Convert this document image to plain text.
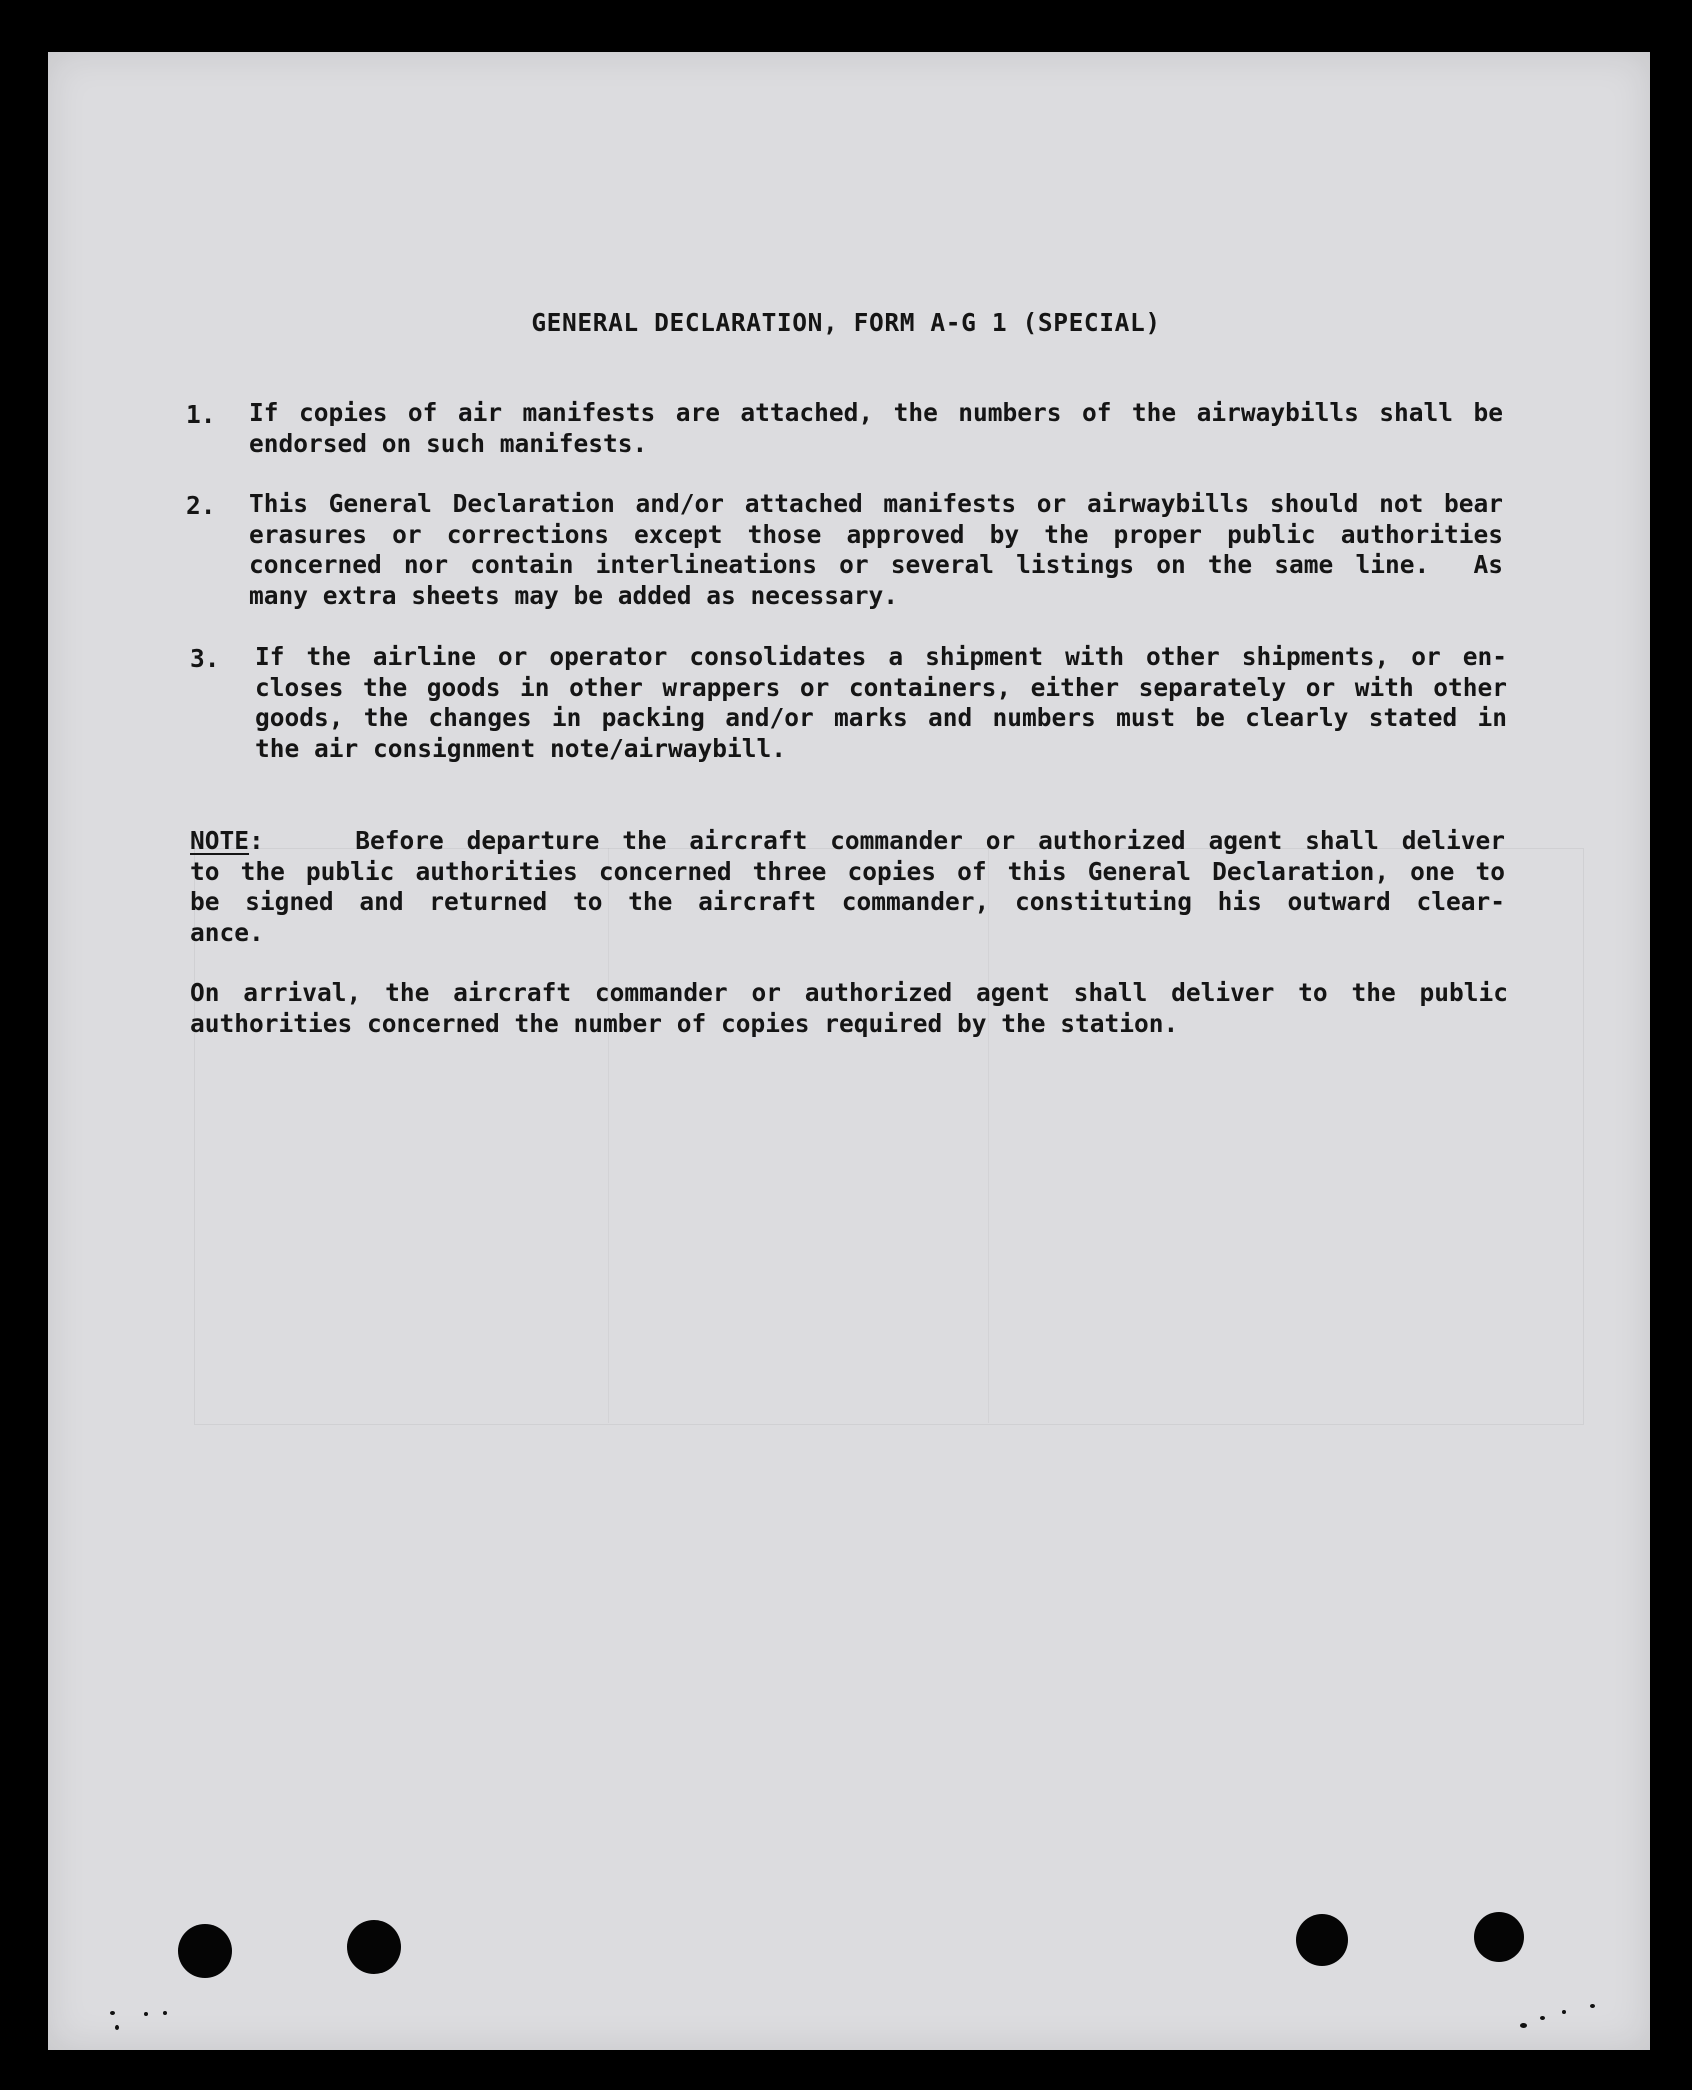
GENERAL DECLARATION, FORM A-G 1 (SPECIAL)
1. If copies of air manifests are attached, the numbers of the airwaybills shall be
endorsed on such manifests.
2. This General Declaration and/or attached manifests or airwaybills should not bear
erasures or corrections except those approved by the proper public authorities
concerned nor contain interlineations or several listings on the same line.  As
many extra sheets may be added as necessary.
3. If the airline or operator consolidates a shipment with other shipments, or en-
closes the goods in other wrappers or containers, either separately or with other
goods, the changes in packing and/or marks and numbers must be clearly stated in
the air consignment note/airwaybill.
NOTE:    Before departure the aircraft commander or authorized agent shall deliver
to the public authorities concerned three copies of this General Declaration, one to
be signed and returned to the aircraft commander, constituting his outward clear-
ance.
On arrival, the aircraft commander or authorized agent shall deliver to the public
authorities concerned the number of copies required by the station.
